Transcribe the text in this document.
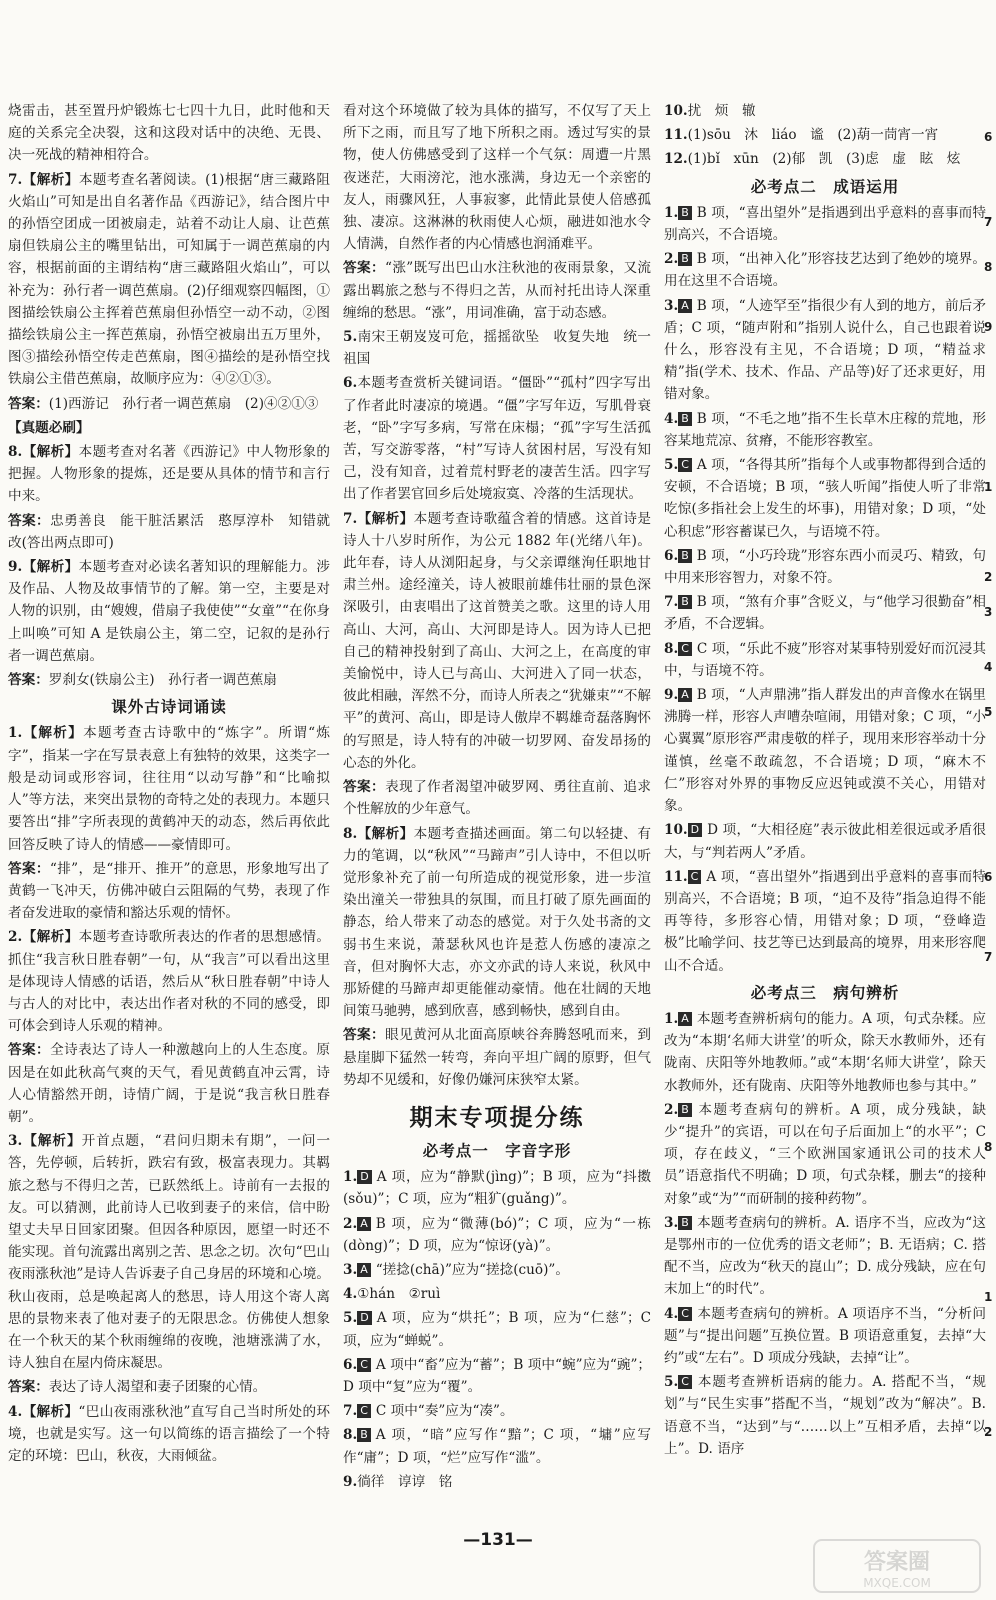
烧雷击，甚至置丹炉锻炼七七四十九日，此时他和天庭的关系完全决裂，这和这段对话中的决绝、无畏、决一死战的精神相符合。
7. 【 解析 】 本题考查名著阅读。(1)根据“唐三藏路阻火焰山”可知是出自名著作品《西游记》，结合图片中的孙悟空团成一团被扇走，站着不动让人扇、让芭蕉扇但铁扇公主的嘴里钻出，可知属于一调芭蕉扇的内容，根据前面的主谓结构“唐三藏路阻火焰山”，可以补充为：孙行者一调芭蕉扇。(2)仔细观察四幅图，①图描绘铁扇公主挥着芭蕉扇但孙悟空一动不动，②图描绘铁扇公主一挥芭蕉扇，孙悟空被扇出五万里外，图③描绘孙悟空传走芭蕉扇，图④描绘的是孙悟空找铁扇公主借芭蕉扇，故顺序应为：④②①③。
答案 ： (1)西游记　孙行者一调芭蕉扇　(2)④②①③
【 真题必刷 】
8. 【 解析 】 本题考查对名著《西游记》中人物形象的把握。人物形象的提炼，还是要从具体的情节和言行中来。
答案 ： 忠勇善良　能干脏活累活　憨厚淳朴　知错就改(答出两点即可)
9. 【 解析 】 本题考查对必读名著知识的理解能力。涉及作品、人物及故事情节的了解。第一空，主要是对人物的识别，由“嫂嫂，借扇子我使使”“女童”“在你身上叫唤”可知 A 是铁扇公主，第二空，记叙的是孙行者一调芭蕉扇。
答案 ： 罗刹女(铁扇公主)　孙行者一调芭蕉扇
课外古诗词诵读
1. 【 解析 】 本题考查古诗歌中的“炼字”。所谓“炼字”，指某一字在写景表意上有独特的效果，这类字一般是动词或形容词，往往用“以动写静”和“比喻拟人”等方法，来突出景物的奇特之处的表现力。本题只要答出“排”字所表现的黄鹤冲天的动态，然后再依此回答反映了诗人的情感——豪情即可。
答案 ： “排”，是“排开、推开”的意思，形象地写出了黄鹤一飞冲天，仿佛冲破白云阻隔的气势，表现了作者奋发进取的豪情和豁达乐观的情怀。
2. 【 解析 】 本题考查诗歌所表达的作者的思想感情。抓住“我言秋日胜春朝”一句，从“我言”可以看出这里是体现诗人情感的话语，然后从“秋日胜春朝”中诗人与古人的对比中，表达出作者对秋的不同的感受，即可体会到诗人乐观的精神。
答案 ： 全诗表达了诗人一种激越向上的人生态度。原因是在如此秋高气爽的天气，看见黄鹤直冲云霄，诗人心情豁然开朗，诗情广阔，于是说“我言秋日胜春朝”。
3. 【 解析 】 开首点题，“君问归期未有期”，一问一答，先停顿，后转折，跌宕有致，极富表现力。其羁旅之愁与不得归之苦，已跃然纸上。诗前有一去报的友。可以猜测，此前诗人已收到妻子的来信，信中盼望丈夫早日回家团聚。但因各种原因，愿望一时还不能实现。首句流露出离别之苦、思念之切。次句“巴山夜雨涨秋池”是诗人告诉妻子自己身居的环境和心境。秋山夜雨，总是唤起离人的愁思，诗人用这个寄人离思的景物来表了他对妻子的无限思念。仿佛使人想象在一个秋天的某个秋雨缠绵的夜晚，池塘涨满了水，诗人独自在屋内倚床凝思。
答案 ： 表达了诗人渴望和妻子团聚的心情。
4. 【 解析 】 “巴山夜雨涨秋池”直写自己当时所处的环境，也就是实写。这一句以简练的语言描绘了一个特定的环境：巴山，秋夜，大雨倾盆。
看对这个环境做了较为具体的描写，不仅写了天上所下之雨，而且写了地下所积之雨。透过写实的景物，使人仿佛感受到了这样一个气氛：周遭一片黑夜迷茫，大雨滂沱，池水涨满，身边无一个亲密的友人，雨骤风狂，人事寂寥，此情此景使人倍感孤独、凄凉。这淋淋的秋雨使人心烦，融进如池水令人情满，自然作者的内心情感也润涌难平。
答案 ： “涨”既写出巴山水注秋池的夜雨景象，又流露出羁旅之愁与不得归之苦，从而衬托出诗人深重缠绵的愁思。“涨”，用词准确，富于动态感。
5.南宋王朝岌岌可危，摇摇欲坠　收复失地　统一祖国
6.本题考查赏析关键词语。“僵卧”“孤村”四字写出了作者此时凄凉的境遇。“僵”字写年迈，写肌骨衰老，“卧”字写多病，写常在床榻；“孤”字写生活孤苦，写交游零落，“村”写诗人贫困村居，写没有知己，没有知音，过着荒村野老的凄苦生活。四字写出了作者罢官回乡后处境寂寞、冷落的生活现状。
7. 【 解析 】 本题考查诗歌蕴含着的情感。这首诗是诗人十八岁时所作，为公元 1882 年(光绪八年)。此年春，诗人从浏阳起身，与父亲谭继洵任职地甘肃兰州。途经潼关，诗人被眼前雄伟壮丽的景色深深吸引，由衷唱出了这首赞美之歌。这里的诗人用高山、大河，高山、大河即是诗人。因为诗人已把自己的精神投射到了高山、大河之上，在高度的审美愉悦中，诗人已与高山、大河进入了同一状态，彼此相融，浑然不分，而诗人所表之“犹嫌束”“不解平”的黄河、高山，即是诗人傲岸不羁雄奇磊落胸怀的写照是，诗人特有的冲破一切罗网、奋发昂扬的心态的外化。
答案 ： 表现了作者渴望冲破罗网、勇往直前、追求个性解放的少年意气。
8. 【 解析 】 本题考查描述画面。第二句以轻捷、有力的笔调，以“秋风”“马蹄声”引人诗中，不但以听觉形象补充了前一句所造成的视觉形象，进一步渲染出潼关一带独具的氛围，而且打破了原先画面的静态，给人带来了动态的感觉。对于久处书斋的文弱书生来说，萧瑟秋风也许是惹人伤感的凄凉之音，但对胸怀大志，亦文亦武的诗人来说，秋风中那矫健的马蹄声却更能催动豪情。他在壮阔的天地间策马驰骋，感到欣喜，感到畅快，感到自由。
答案 ： 眼见黄河从北面高原峡谷奔腾怒吼而来，到悬崖脚下猛然一转弯，奔向平坦广阔的原野，但气势却不见缓和，好像仍嫌河床狭窄太紧。
期末专项提分练
必考点一　字音字形
1. D A 项，应为“静默(jìng)”；B 项，应为“抖擞(sǒu)”；C 项，应为“粗犷(guǎng)”。
2. A B 项，应为“微薄(bó)”；C 项，应为“一栋(dòng)”；D 项，应为“惊讶(yà)”。
3. A “搓捻(chā)”应为“搓捻(cuō)”。
4.①hán　②ruì
5. D A 项，应为“烘托”；B 项，应为“仁慈”；C 项，应为“蝉蜕”。
6. C A 项中“畜”应为“蓄”；B 项中“蜿”应为“豌”；D 项中“复”应为“覆”。
7. C C 项中“奏”应为“凑”。
8. B A 项，“暗”应写作“黯”；C 项，“墉”应写作“庸”；D 项，“烂”应写作“滥”。
9.徜徉　谆谆　铭
10.扰　烦　辙
11.(1)sōu　沐　liáo　谧　(2)葫一茼宵一宵
12.(1)bǐ　xūn　(2)郁　凯　(3)虑　虚　眩　炫
必考点二　成语运用
1. B B 项，“喜出望外”是指遇到出乎意料的喜事而特别高兴，不合语境。
2. B B 项，“出神入化”形容技艺达到了绝妙的境界。用在这里不合语境。
3. A B 项，“人迹罕至”指很少有人到的地方，前后矛盾；C 项，“随声附和”指别人说什么，自己也跟着说什么，形容没有主见，不合语境；D 项，“精益求精”指(学术、技术、作品、产品等)好了还求更好，用错对象。
4. B B 项，“不毛之地”指不生长草木庄稼的荒地，形容某地荒凉、贫瘠，不能形容教室。
5. C A 项，“各得其所”指每个人或事物都得到合适的安顿，不合语境；B 项，“骇人听闻”指使人听了非常吃惊(多指社会上发生的坏事)，用错对象；D 项，“处心积虑”形容蓄谋已久，与语境不符。
6. B B 项，“小巧玲珑”形容东西小而灵巧、精致，句中用来形容智力，对象不符。
7. B B 项，“煞有介事”含贬义，与“他学习很勤奋”相矛盾，不合逻辑。
8. C C 项，“乐此不疲”形容对某事特别爱好而沉浸其中，与语境不符。
9. A B 项，“人声鼎沸”指人群发出的声音像水在锅里沸腾一样，形容人声嘈杂喧闹，用错对象；C 项，“小心翼翼”原形容严肃虔敬的样子，现用来形容举动十分谨慎，丝毫不敢疏忽，不合语境；D 项，“麻木不仁”形容对外界的事物反应迟钝或漠不关心，用错对象。
10. D D 项，“大相径庭”表示彼此相差很远或矛盾很大，与“判若两人”矛盾。
11. C A 项，“喜出望外”指遇到出乎意料的喜事而特别高兴，不合语境；B 项，“迫不及待”指急迫得不能再等待，多形容心情，用错对象；D 项，“登峰造极”比喻学问、技艺等已达到最高的境界，用来形容爬山不合适。
必考点三　病句辨析
1. A 本题考查辨析病句的能力。A 项，句式杂糅。应改为“本期‘名师大讲堂’的听众，除天水教师外，还有陇南、庆阳等外地教师。”或“本期‘名师大讲堂’，除天水教师外，还有陇南、庆阳等外地教师也参与其中。”
2. B 本题考查病句的辨析。A 项，成分残缺，缺少“提升”的宾语，可以在句子后面加上“的水平”；C 项，存在歧义，“三个欧洲国家通讯公司的技术人员”语意指代不明确；D 项，句式杂糅，删去“的接种对象”或“为”“而研制的接种药物”。
3. B 本题考查病句的辨析。A. 语序不当，应改为“这是鄂州市的一位优秀的语文老师”；B. 无语病；C. 搭配不当，应改为“秋天的崑山”；D. 成分残缺，应在句末加上“的时代”。
4. C 本题考查病句的辨析。A 项语序不当，“分析问题”与“提出问题”互换位置。B 项语意重复，去掉“大约”或“左右”。D 项成分残缺，去掉“让”。
5. C 本题考查辨析语病的能力。A. 搭配不当，“规划”与“民生实事”搭配不当，“规划”改为“解决”。B. 语意不当，“达到”与“……以上”互相矛盾，去掉“以上”。D. 语序
6
7
8
9
1
2
3
4
5
6
7
8
1
2
—131—
答案圈
MXQE.COM
